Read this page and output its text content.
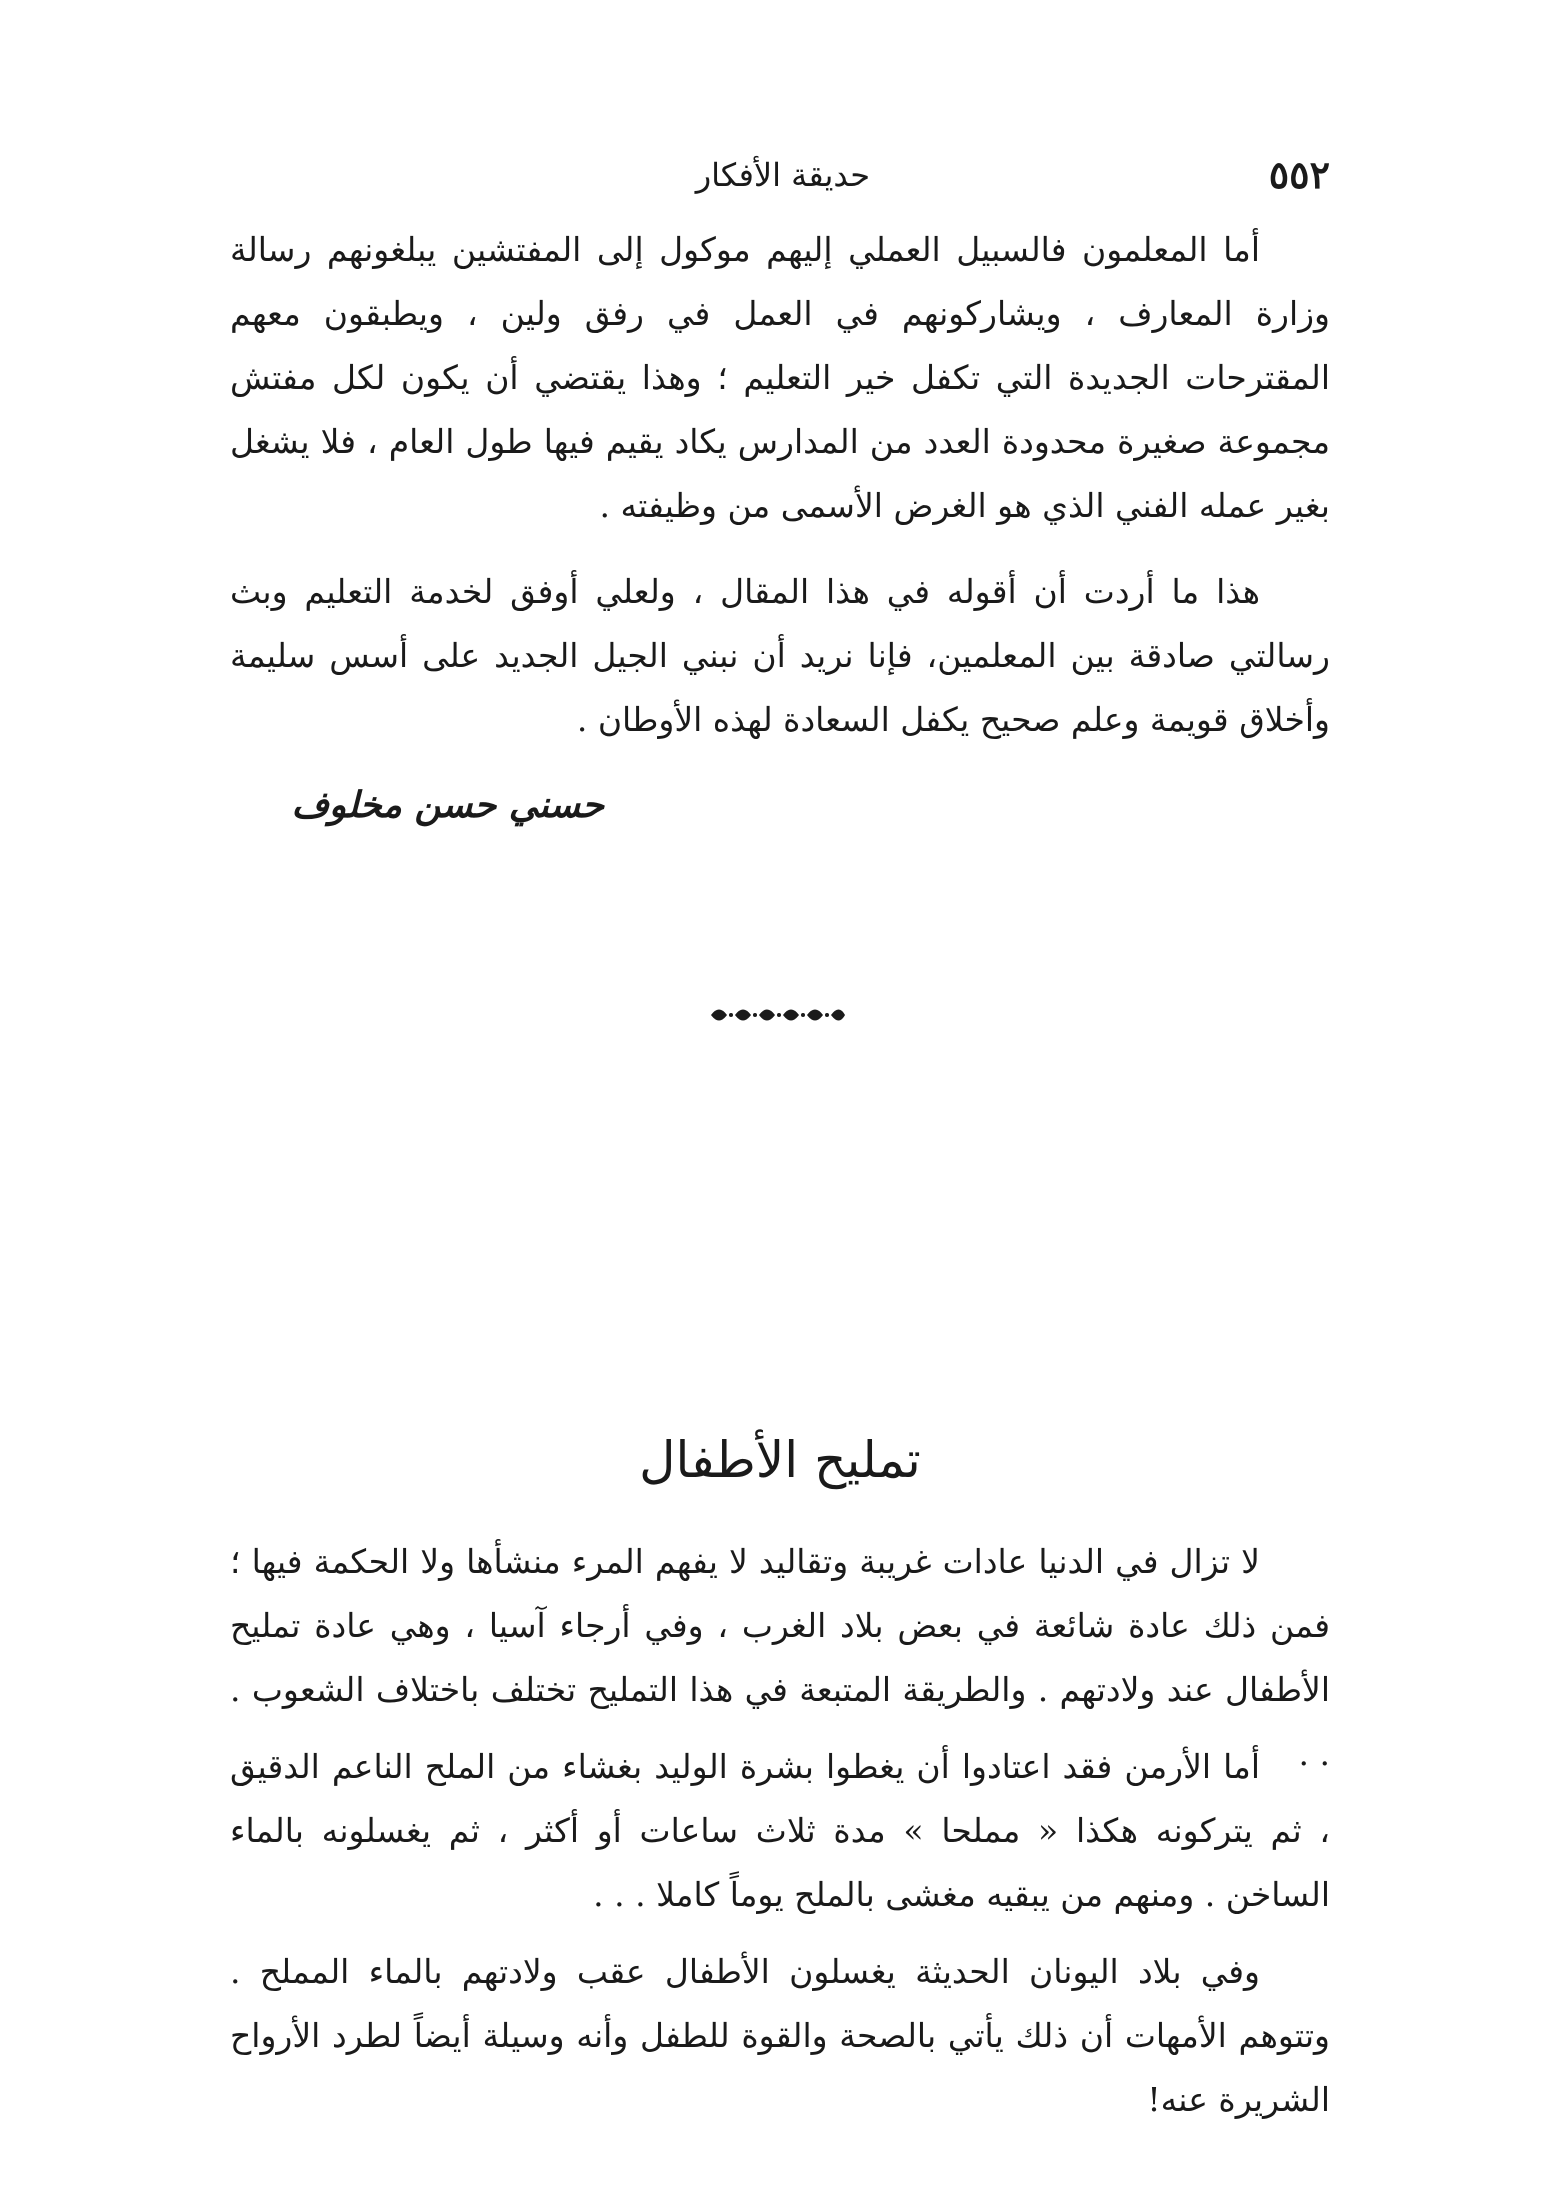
٥٥٢
حديقة الأفكار

أما المعلمون فالسبيل العملي إليهم موكول إلى المفتشين يبلغونهم رسالة وزارة المعارف ، ويشاركونهم في العمل في رفق ولين ، ويطبقون معهم المقترحات الجديدة التي تكفل خير التعليم ؛ وهذا يقتضي أن يكون لكل مفتش مجموعة صغيرة محدودة العدد من المدارس يكاد يقيم فيها طول العام ، فلا يشغل بغير عمله الفني الذي هو الغرض الأسمى من وظيفته .

هذا ما أردت أن أقوله في هذا المقال ، ولعلي أوفق لخدمة التعليم وبث رسالتي صادقة بين المعلمين، فإنا نريد أن نبني الجيل الجديد على أسس سليمة وأخلاق قويمة وعلم صحيح يكفل السعادة لهذه الأوطان .

حسني حسن مخلوف
تمليح الأطفال

لا تزال في الدنيا عادات غريبة وتقاليد لا يفهم المرء منشأها ولا الحكمة فيها ؛ فمن ذلك عادة شائعة في بعض بلاد الغرب ، وفي أرجاء آسيا ، وهي عادة تمليح الأطفال عند ولادتهم . والطريقة المتبعة في هذا التمليح تختلف باختلاف الشعوب . . .

أما الأرمن فقد اعتادوا أن يغطوا بشرة الوليد بغشاء من الملح الناعم الدقيق ، ثم يتركونه هكذا « مملحا » مدة ثلاث ساعات أو أكثر ، ثم يغسلونه بالماء الساخن . ومنهم من يبقيه مغشى بالملح يوماً كاملا . . .

وفي بلاد اليونان الحديثة يغسلون الأطفال عقب ولادتهم بالماء المملح . وتتوهم الأمهات أن ذلك يأتي بالصحة والقوة للطفل وأنه وسيلة أيضاً لطرد الأرواح الشريرة عنه!
